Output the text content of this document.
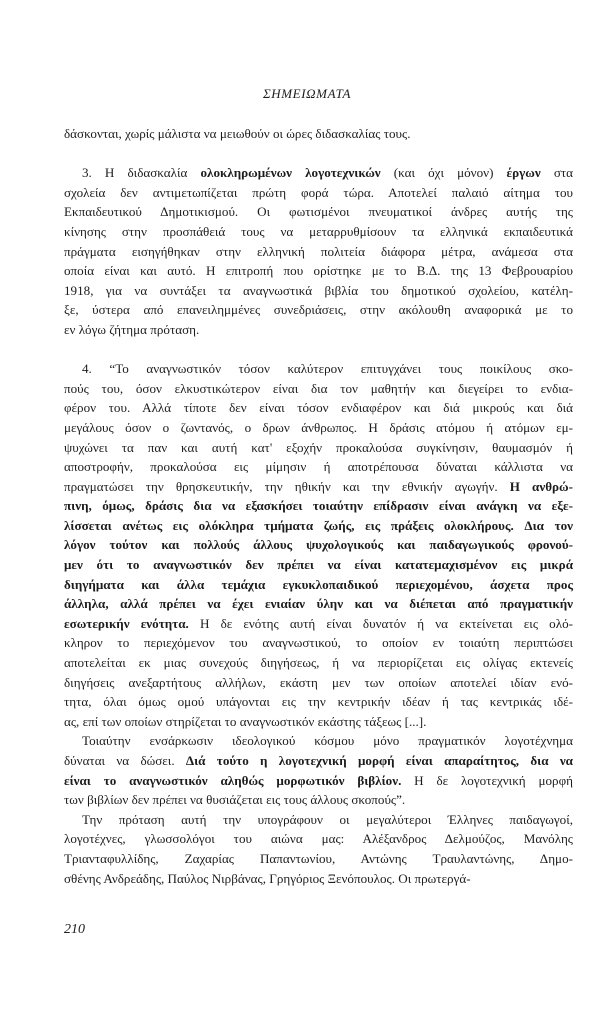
ΣΗΜΕΙΩΜΑΤΑ
δάσκονται, χωρίς μάλιστα να μειωθούν οι ώρες διδασκαλίας τους.
3. Η διδασκαλία ολοκληρωμένων λογοτεχνικών (και όχι μόνον) έργων στα
σχολεία δεν αντιμετωπίζεται πρώτη φορά τώρα. Αποτελεί παλαιό αίτημα του
Εκπαιδευτικού Δημοτικισμού. Οι φωτισμένοι πνευματικοί άνδρες αυτής της
κίνησης στην προσπάθειά τους να μεταρρυθμίσουν τα ελληνικά εκπαιδευτικά
πράγματα εισηγήθηκαν στην ελληνική πολιτεία διάφορα μέτρα, ανάμεσα στα
οποία είναι και αυτό. Η επιτροπή που ορίστηκε με το Β.Δ. της 13 Φεβρουαρίου
1918, για να συντάξει τα αναγνωστικά βιβλία του δημοτικού σχολείου, κατέλη-
ξε, ύστερα από επανειλημμένες συνεδριάσεις, στην ακόλουθη αναφορικά με το
εν λόγω ζήτημα πρόταση.
4. “Το αναγνωστικόν τόσον καλύτερον επιτυγχάνει τους ποικίλους σκο-
πούς του, όσον ελκυστικώτερον είναι δια τον μαθητήν και διεγείρει το ενδια-
φέρον του. Αλλά τίποτε δεν είναι τόσον ενδιαφέρον και διά μικρούς και διά
μεγάλους όσον ο ζωντανός, ο δρων άνθρωπος. Η δράσις ατόμου ή ατόμων εμ-
ψυχώνει τα παν και αυτή κατ' εξοχήν προκαλούσα συγκίνησιν, θαυμασμόν ή
αποστροφήν, προκαλούσα εις μίμησιν ή αποτρέπουσα δύναται κάλλιστα να
πραγματώσει την θρησκευτικήν, την ηθικήν και την εθνικήν αγωγήν. Η ανθρώ-
πινη, όμως, δράσις δια να εξασκήσει τοιαύτην επίδρασιν είναι ανάγκη να εξε-
λίσσεται ανέτως εις ολόκληρα τμήματα ζωής, εις πράξεις ολοκλήρους. Δια τον
λόγον τούτον και πολλούς άλλους ψυχολογικούς και παιδαγωγικούς φρονού-
μεν ότι το αναγνωστικόν δεν πρέπει να είναι κατατεμαχισμένον εις μικρά
διηγήματα και άλλα τεμάχια εγκυκλοπαιδικού περιεχομένου, άσχετα προς
άλληλα, αλλά πρέπει να έχει ενιαίαν ύλην και να διέπεται από πραγματικήν
εσωτερικήν ενότητα. Η δε ενότης αυτή είναι δυνατόν ή να εκτείνεται εις ολό-
κληρον το περιεχόμενον του αναγνωστικού, το οποίον εν τοιαύτη περιπτώσει
αποτελείται εκ μιας συνεχούς διηγήσεως, ή να περιορίζεται εις ολίγας εκτενείς
διηγήσεις ανεξαρτήτους αλλήλων, εκάστη μεν των οποίων αποτελεί ιδίαν ενό-
τητα, όλαι όμως ομού υπάγονται εις την κεντρικήν ιδέαν ή τας κεντρικάς ιδέ-
ας, επί των οποίων στηρίζεται το αναγνωστικόν εκάστης τάξεως [...].
Τοιαύτην ενσάρκωσιν ιδεολογικού κόσμου μόνο πραγματικόν λογοτέχνημα
δύναται να δώσει. Διά τούτο η λογοτεχνική μορφή είναι απαραίτητος, δια να
είναι το αναγνωστικόν αληθώς μορφωτικόν βιβλίον. Η δε λογοτεχνική μορφή
των βιβλίων δεν πρέπει να θυσιάζεται εις τους άλλους σκοπούς”.
Την πρόταση αυτή την υπογράφουν οι μεγαλύτεροι Έλληνες παιδαγωγοί,
λογοτέχνες, γλωσσολόγοι του αιώνα μας: Αλέξανδρος Δελμούζος, Μανόλης
Τριανταφυλλίδης, Ζαχαρίας Παπαντωνίου, Αντώνης Τραυλαντώνης, Δημο-
σθένης Ανδρεάδης, Παύλος Νιρβάνας, Γρηγόριος Ξενόπουλος. Οι πρωτεργά-
210
